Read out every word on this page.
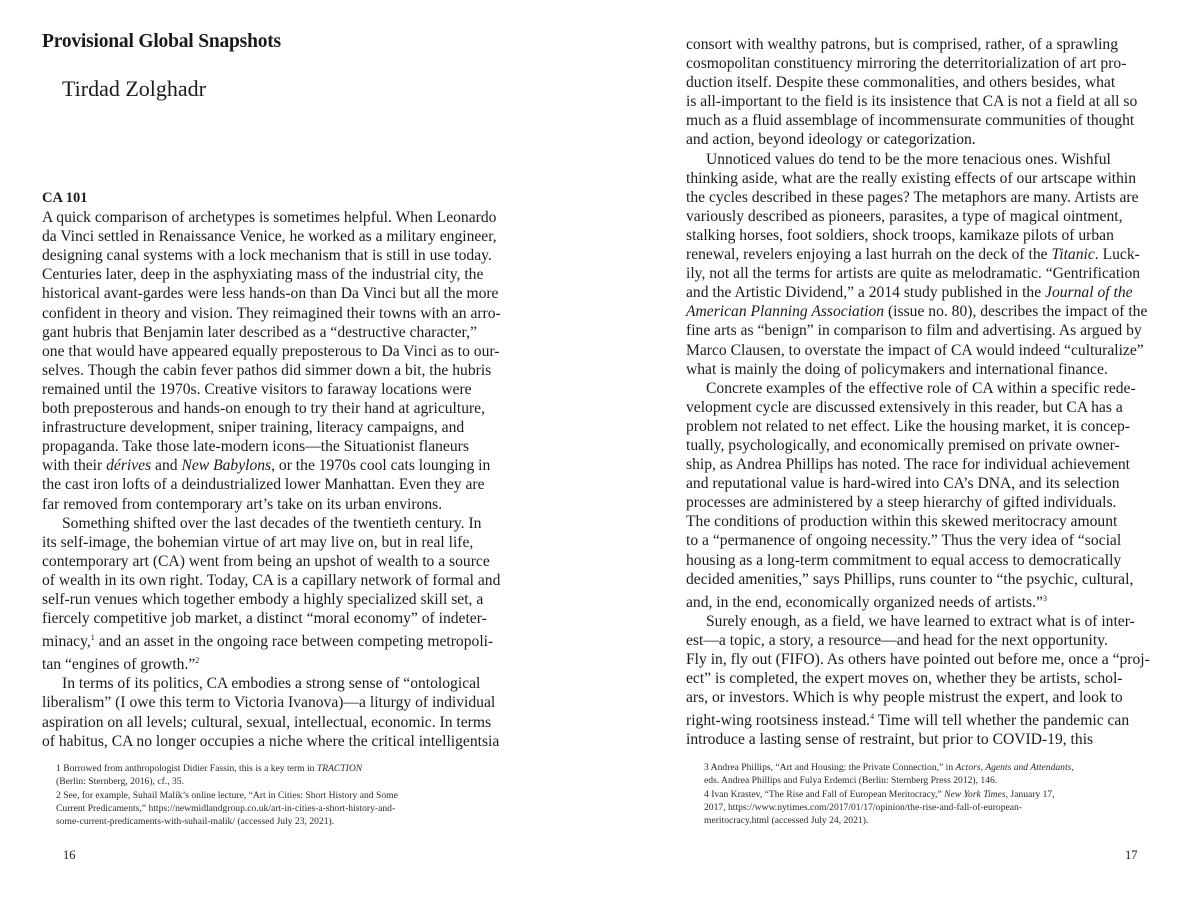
Provisional Global Snapshots
Tirdad Zolghadr
CA 101
A quick comparison of archetypes is sometimes helpful. When Leonardo
da Vinci settled in Renaissance Venice, he worked as a military engineer,
designing canal systems with a lock mechanism that is still in use today.
Centuries later, deep in the asphyxiating mass of the industrial city, the
historical avant-gardes were less hands-on than Da Vinci but all the more
confident in theory and vision. They reimagined their towns with an arro-
gant hubris that Benjamin later described as a “destructive character,”
one that would have appeared equally preposterous to Da Vinci as to our-
selves. Though the cabin fever pathos did simmer down a bit, the hubris
remained until the 1970s. Creative visitors to faraway locations were
both preposterous and hands-on enough to try their hand at agriculture,
infrastructure development, sniper training, literacy campaigns, and
propaganda. Take those late-modern icons—the Situationist flaneurs
with their dérives and New Babylons, or the 1970s cool cats lounging in
the cast iron lofts of a deindustrialized lower Manhattan. Even they are
far removed from contemporary art’s take on its urban environs.
Something shifted over the last decades of the twentieth century. In
its self-image, the bohemian virtue of art may live on, but in real life,
contemporary art (CA) went from being an upshot of wealth to a source
of wealth in its own right. Today, CA is a capillary network of formal and
self-run venues which together embody a highly specialized skill set, a
fiercely competitive job market, a distinct “moral economy” of indeter-
minacy,$^1$ and an asset in the ongoing race between competing metropoli-
tan “engines of growth.”$^2$
In terms of its politics, CA embodies a strong sense of “ontological
liberalism” (I owe this term to Victoria Ivanova)—a liturgy of individual
aspiration on all levels; cultural, sexual, intellectual, economic. In terms
of habitus, CA no longer occupies a niche where the critical intelligentsia
1 Borrowed from anthropologist Didier Fassin, this is a key term in TRACTION
(Berlin: Sternberg, 2016), cf., 35.
2 See, for example, Suhail Malik’s online lecture, “Art in Cities: Short History and Some
Current Predicaments,” https://newmidlandgroup.co.uk/art-in-cities-a-short-history-and-
some-current-predicaments-with-suhail-malik/ (accessed July 23, 2021).
16
consort with wealthy patrons, but is comprised, rather, of a sprawling
cosmopolitan constituency mirroring the deterritorialization of art pro-
duction itself. Despite these commonalities, and others besides, what
is all-important to the field is its insistence that CA is not a field at all so
much as a fluid assemblage of incommensurate communities of thought
and action, beyond ideology or categorization.
Unnoticed values do tend to be the more tenacious ones. Wishful
thinking aside, what are the really existing effects of our artscape within
the cycles described in these pages? The metaphors are many. Artists are
variously described as pioneers, parasites, a type of magical ointment,
stalking horses, foot soldiers, shock troops, kamikaze pilots of urban
renewal, revelers enjoying a last hurrah on the deck of the Titanic. Luck-
ily, not all the terms for artists are quite as melodramatic. “Gentrification
and the Artistic Dividend,” a 2014 study published in the Journal of the
American Planning Association (issue no. 80), describes the impact of the
fine arts as “benign” in comparison to film and advertising. As argued by
Marco Clausen, to overstate the impact of CA would indeed “culturalize”
what is mainly the doing of policymakers and international finance.
Concrete examples of the effective role of CA within a specific rede-
velopment cycle are discussed extensively in this reader, but CA has a
problem not related to net effect. Like the housing market, it is concep-
tually, psychologically, and economically premised on private owner-
ship, as Andrea Phillips has noted. The race for individual achievement
and reputational value is hard-wired into CA’s DNA, and its selection
processes are administered by a steep hierarchy of gifted individuals.
The conditions of production within this skewed meritocracy amount
to a “permanence of ongoing necessity.” Thus the very idea of “social
housing as a long-term commitment to equal access to democratically
decided amenities,” says Phillips, runs counter to “the psychic, cultural,
and, in the end, economically organized needs of artists.”$^3$
Surely enough, as a field, we have learned to extract what is of inter-
est—a topic, a story, a resource—and head for the next opportunity.
Fly in, fly out (FIFO). As others have pointed out before me, once a “proj-
ect” is completed, the expert moves on, whether they be artists, schol-
ars, or investors. Which is why people mistrust the expert, and look to
right-wing rootsiness instead.$^4$ Time will tell whether the pandemic can
introduce a lasting sense of restraint, but prior to COVID-19, this
3 Andrea Phillips, “Art and Housing: the Private Connection,” in Actors, Agents and Attendants,
eds. Andrea Phillips and Fulya Erdemci (Berlin: Sternberg Press 2012), 146.
4 Ivan Krastev, “The Rise and Fall of European Meritocracy,” New York Times, January 17,
2017, https://www.nytimes.com/2017/01/17/opinion/the-rise-and-fall-of-european-
meritocracy.html (accessed July 24, 2021).
17
